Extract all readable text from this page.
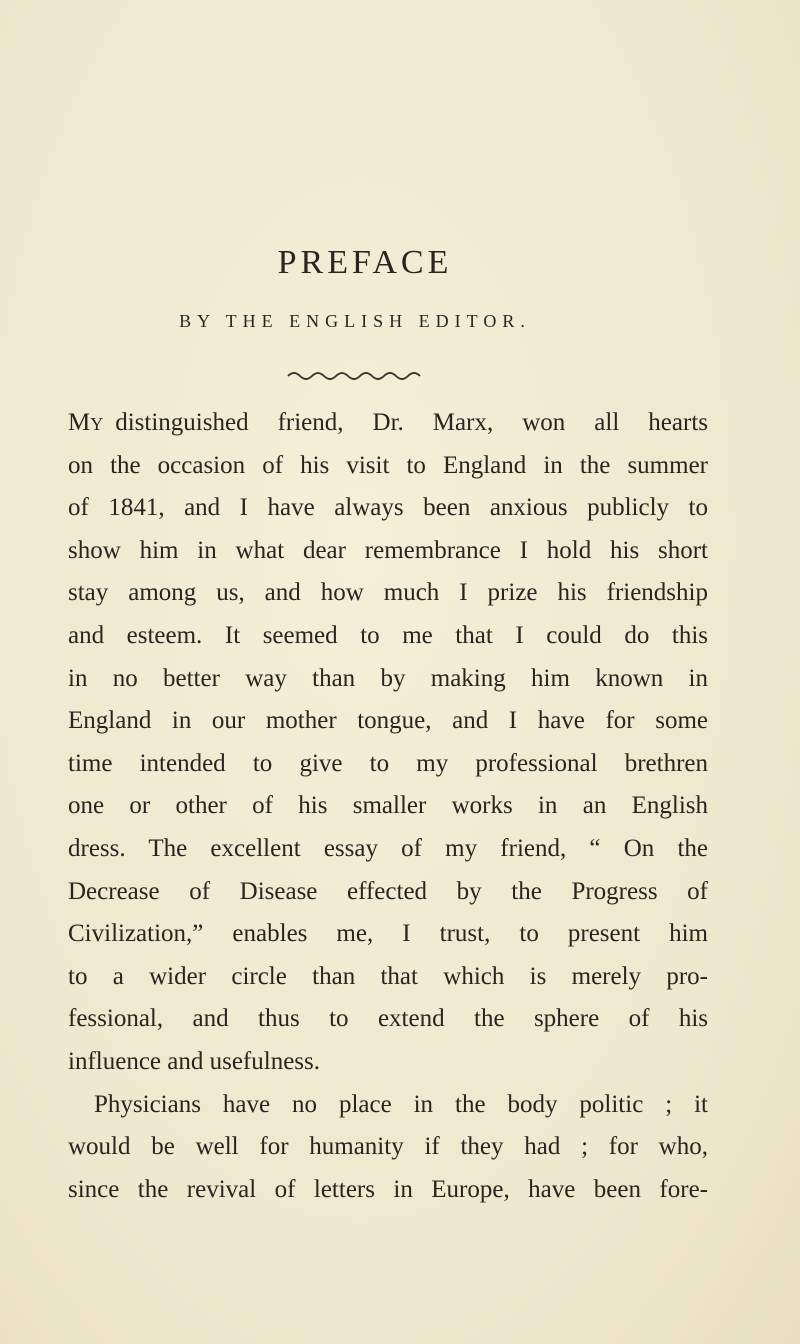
PREFACE
BY THE ENGLISH EDITOR.
My distinguished friend, Dr. Marx, won all hearts
on the occasion of his visit to England in the summer
of 1841, and I have always been anxious publicly to
show him in what dear remembrance I hold his short
stay among us, and how much I prize his friendship
and esteem. It seemed to me that I could do this
in no better way than by making him known in
England in our mother tongue, and I have for some
time intended to give to my professional brethren
one or other of his smaller works in an English
dress. The excellent essay of my friend, “ On the
Decrease of Disease effected by the Progress of
Civilization,” enables me, I trust, to present him
to a wider circle than that which is merely pro-
fessional, and thus to extend the sphere of his
influence and usefulness.
Physicians have no place in the body politic ; it
would be well for humanity if they had ; for who,
since the revival of letters in Europe, have been fore-
